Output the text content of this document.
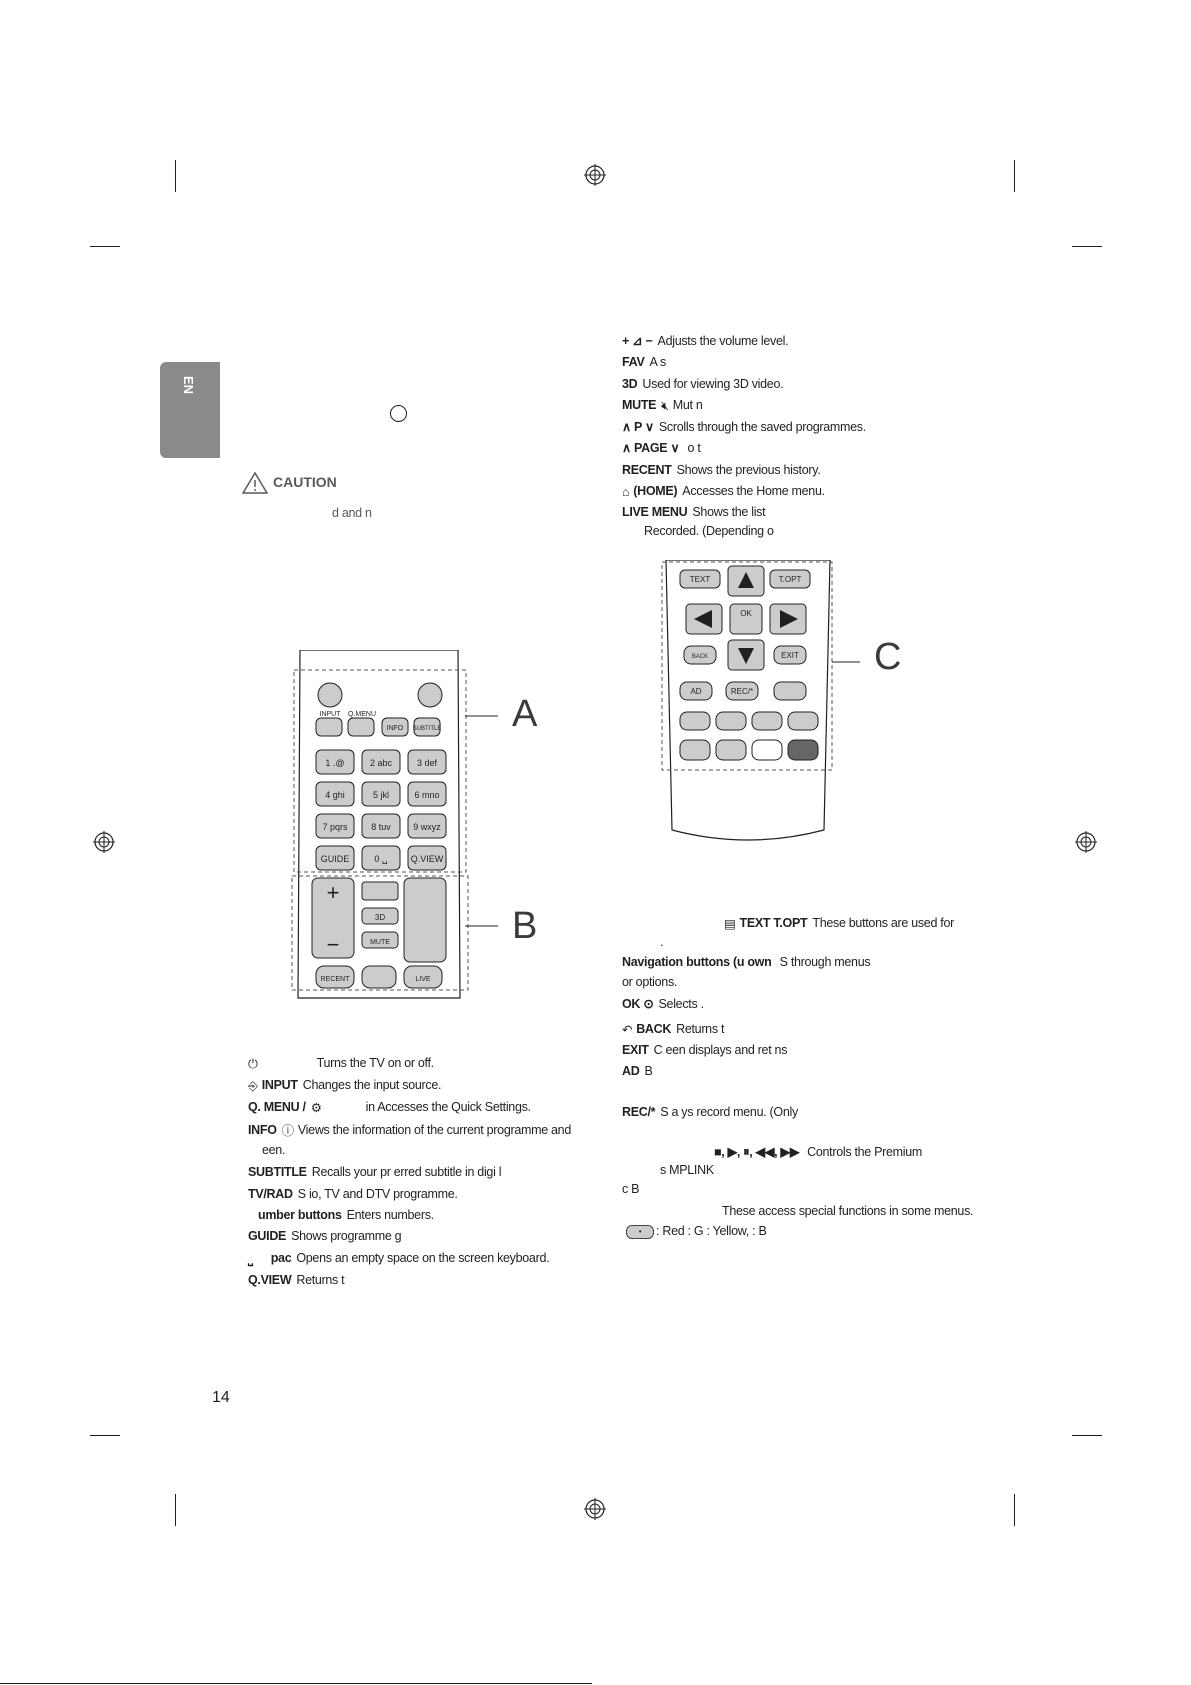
EN
CAUTION
d and n
1 .@	2 abc	3 def
4 ghi	5 jkl	6 mno
7 pqrs	8 tuv 9 wxyz
GUIDE	0 ␣	Q.VIEW
INPUT Q.MENU
INFO SUBTITLE
3D
MUTE
RECENT	LIVE
+
−
A
B
TEXT	T.OPT
OK
BACK	EXIT
AD	REC/*
C
⏻	Turns the TV on or off.
⎆ INPUT Changes the input source.
Q. MENU / ⚙	in Accesses the Quick Settings.
INFO ⓘ Views the information of the current programme and
een.
SUBTITLE Recalls your pr erred subtitle in digi l
TV/RAD S io, TV and DTV programme.
umber buttons Enters numbers.
GUIDE Shows programme g
⎵ pac Opens an empty space on the screen keyboard.
Q.VIEW Returns t
+ ⊿ − Adjusts the volume level.
FAV A s
3D Used for viewing 3D video.
MUTE 🔇︎ Mut n
∧ P ∨ Scrolls through the saved programmes.
∧ PAGE ∨ o t
RECENT Shows the previous history.
⌂ (HOME) Accesses the Home menu.
LIVE MENU Shows the list
Recorded. (Depending o
▤ TEXT T.OPT These buttons are used for
.
Navigation buttons (u own S through menus
or options.
OK ⊙ Selects .
↶ BACK Returns t
EXIT C een displays and ret ns
AD B
REC/* S a ys record menu. (Only
■, ▶, ⏸, ◀◀, ▶▶ Controls the Premium
s MPLINK
c B
These access special functions in some menus.
• : Red : G : Yellow, : B
14
